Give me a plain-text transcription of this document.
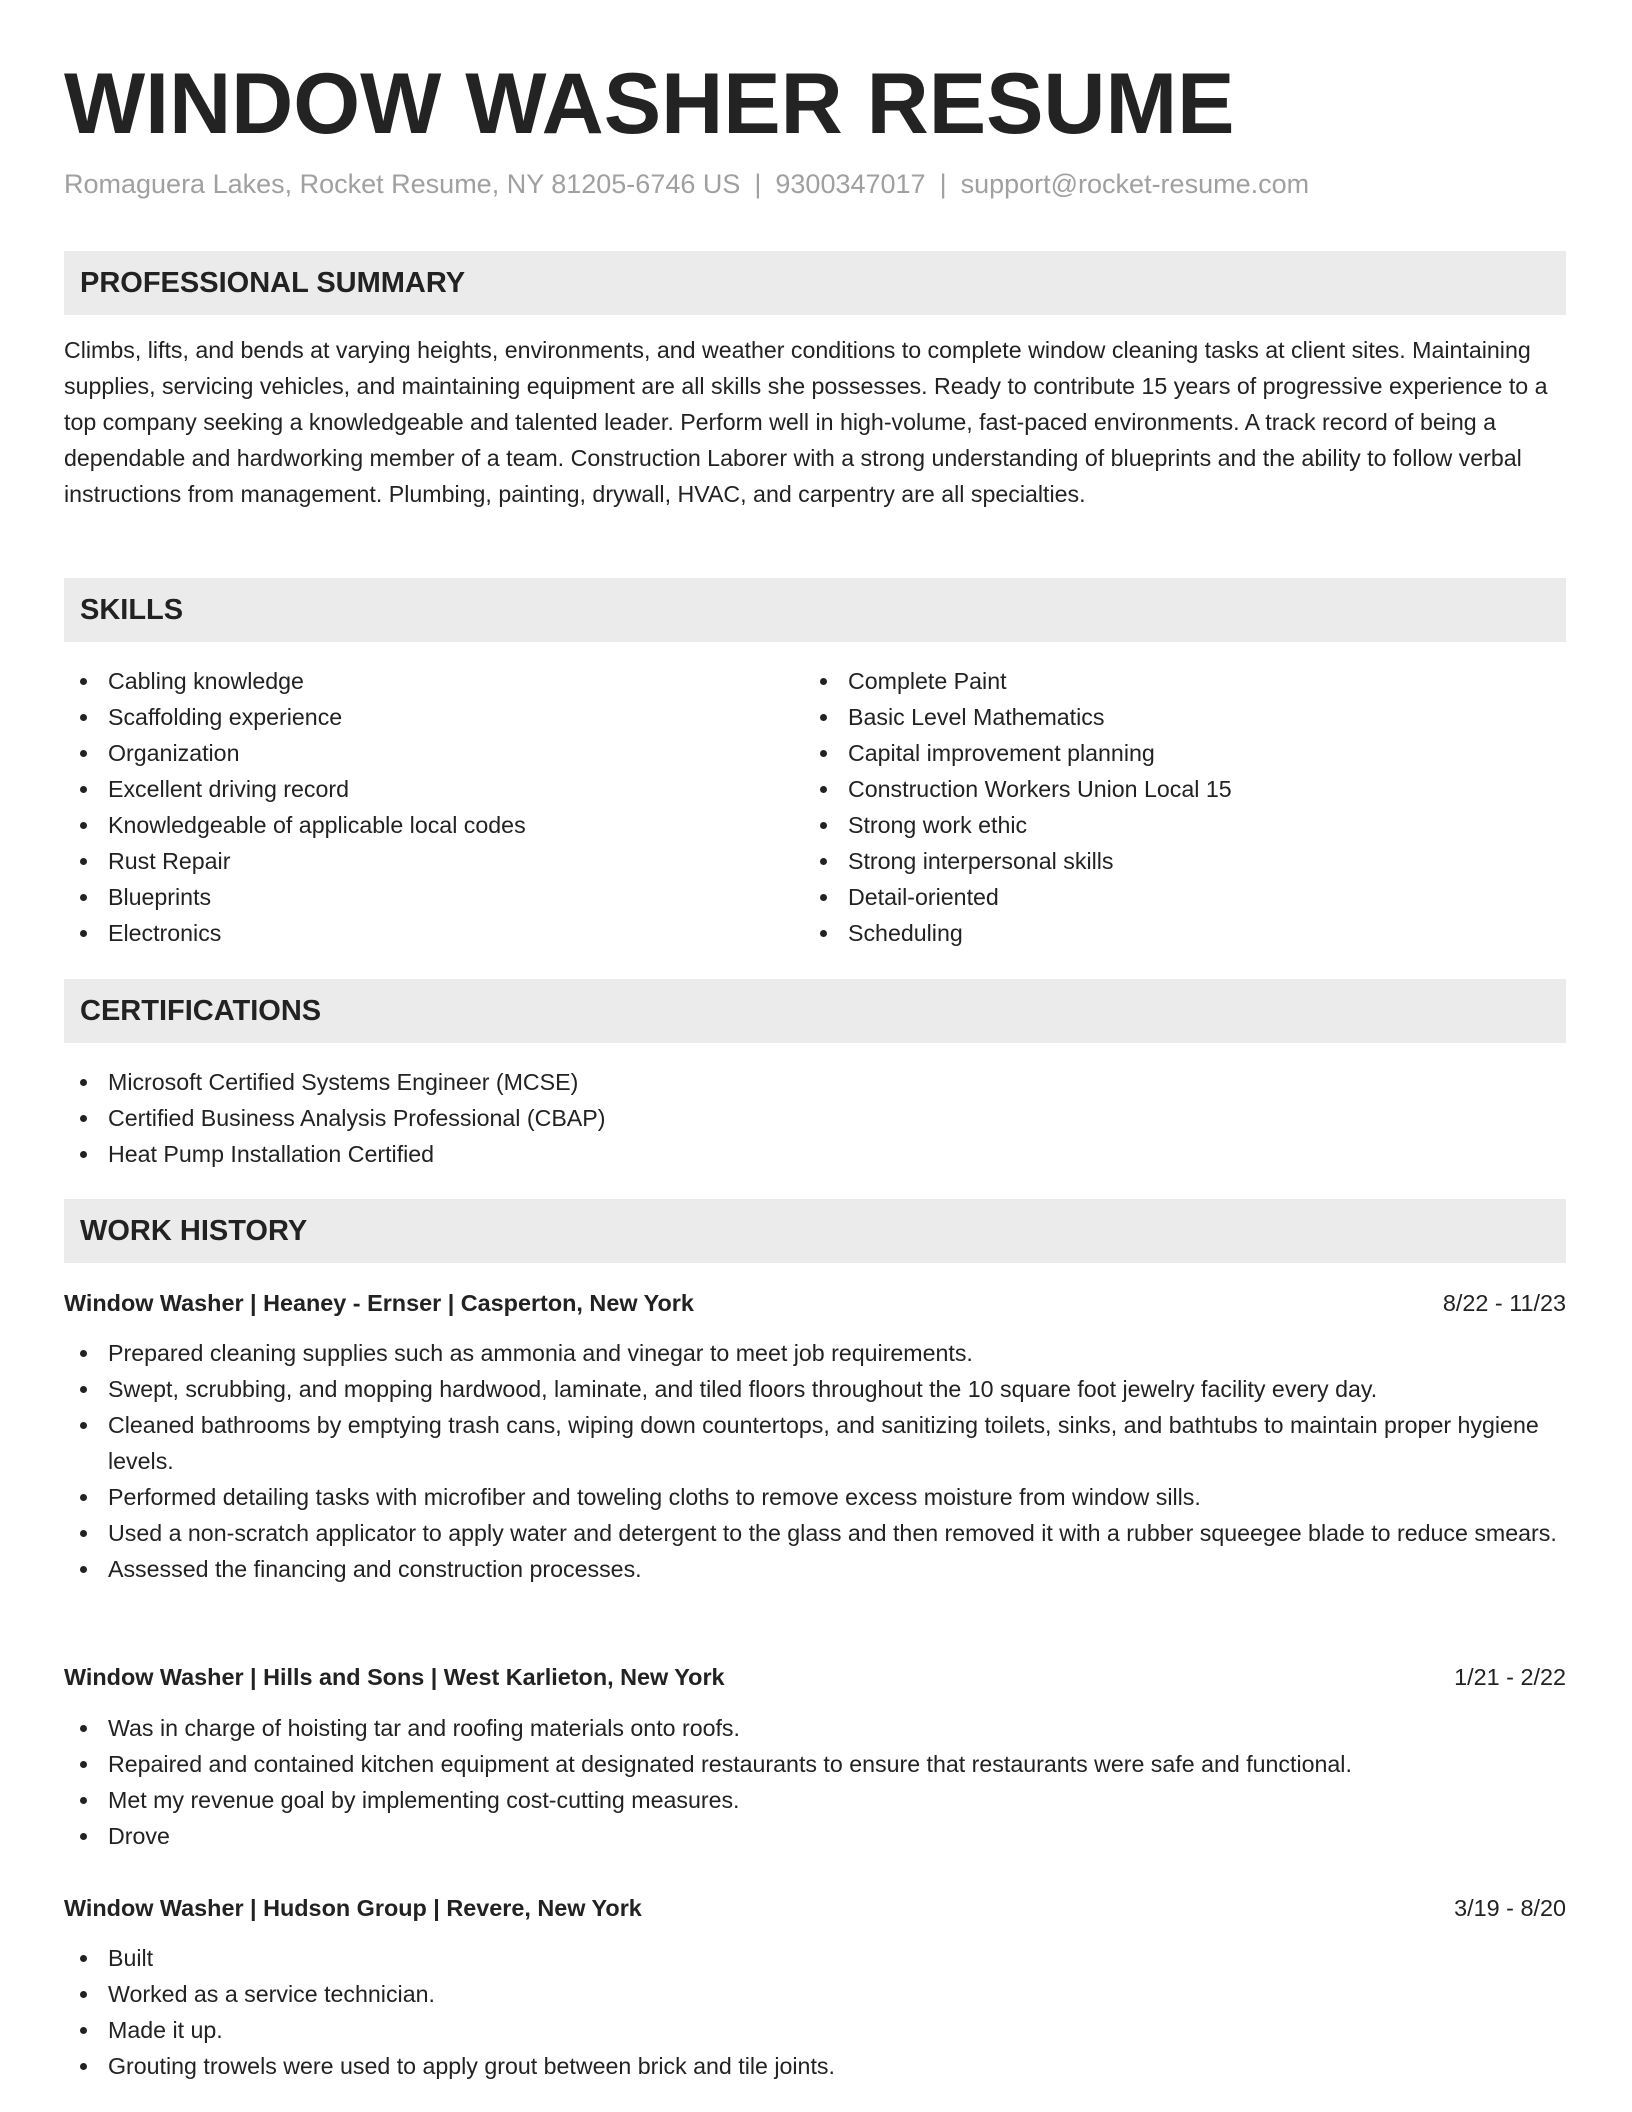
WINDOW WASHER RESUME
Romaguera Lakes, Rocket Resume, NY 81205-6746 US | 9300347017 | support@rocket-resume.com
PROFESSIONAL SUMMARY

Climbs, lifts, and bends at varying heights, environments, and weather conditions to complete window cleaning tasks at client sites. Maintaining supplies, servicing vehicles, and maintaining equipment are all skills she possesses. Ready to contribute 15 years of progressive experience to a top company seeking a knowledgeable and talented leader. Perform well in high-volume, fast-paced environments. A track record of being a dependable and hardworking member of a team. Construction Laborer with a strong understanding of blueprints and the ability to follow verbal instructions from management. Plumbing, painting, drywall, HVAC, and carpentry are all specialties.

SKILLS
Cabling knowledge
Scaffolding experience
Organization
Excellent driving record
Knowledgeable of applicable local codes
Rust Repair
Blueprints
Electronics
Complete Paint
Basic Level Mathematics
Capital improvement planning
Construction Workers Union Local 15
Strong work ethic
Strong interpersonal skills
Detail-oriented
Scheduling
CERTIFICATIONS
Microsoft Certified Systems Engineer (MCSE)
Certified Business Analysis Professional (CBAP)
Heat Pump Installation Certified
WORK HISTORY
Window Washer | Heaney - Ernser | Casperton, New York	8/22 - 11/23
Prepared cleaning supplies such as ammonia and vinegar to meet job requirements.
Swept, scrubbing, and mopping hardwood, laminate, and tiled floors throughout the 10 square foot jewelry facility every day.
Cleaned bathrooms by emptying trash cans, wiping down countertops, and sanitizing toilets, sinks, and bathtubs to maintain proper hygiene levels.
Performed detailing tasks with microfiber and toweling cloths to remove excess moisture from window sills.
Used a non-scratch applicator to apply water and detergent to the glass and then removed it with a rubber squeegee blade to reduce smears.
Assessed the financing and construction processes.
Window Washer | Hills and Sons | West Karlieton, New York	1/21 - 2/22
Was in charge of hoisting tar and roofing materials onto roofs.
Repaired and contained kitchen equipment at designated restaurants to ensure that restaurants were safe and functional.
Met my revenue goal by implementing cost-cutting measures.
Drove
Window Washer | Hudson Group | Revere, New York	3/19 - 8/20
Built
Worked as a service technician.
Made it up.
Grouting trowels were used to apply grout between brick and tile joints.
